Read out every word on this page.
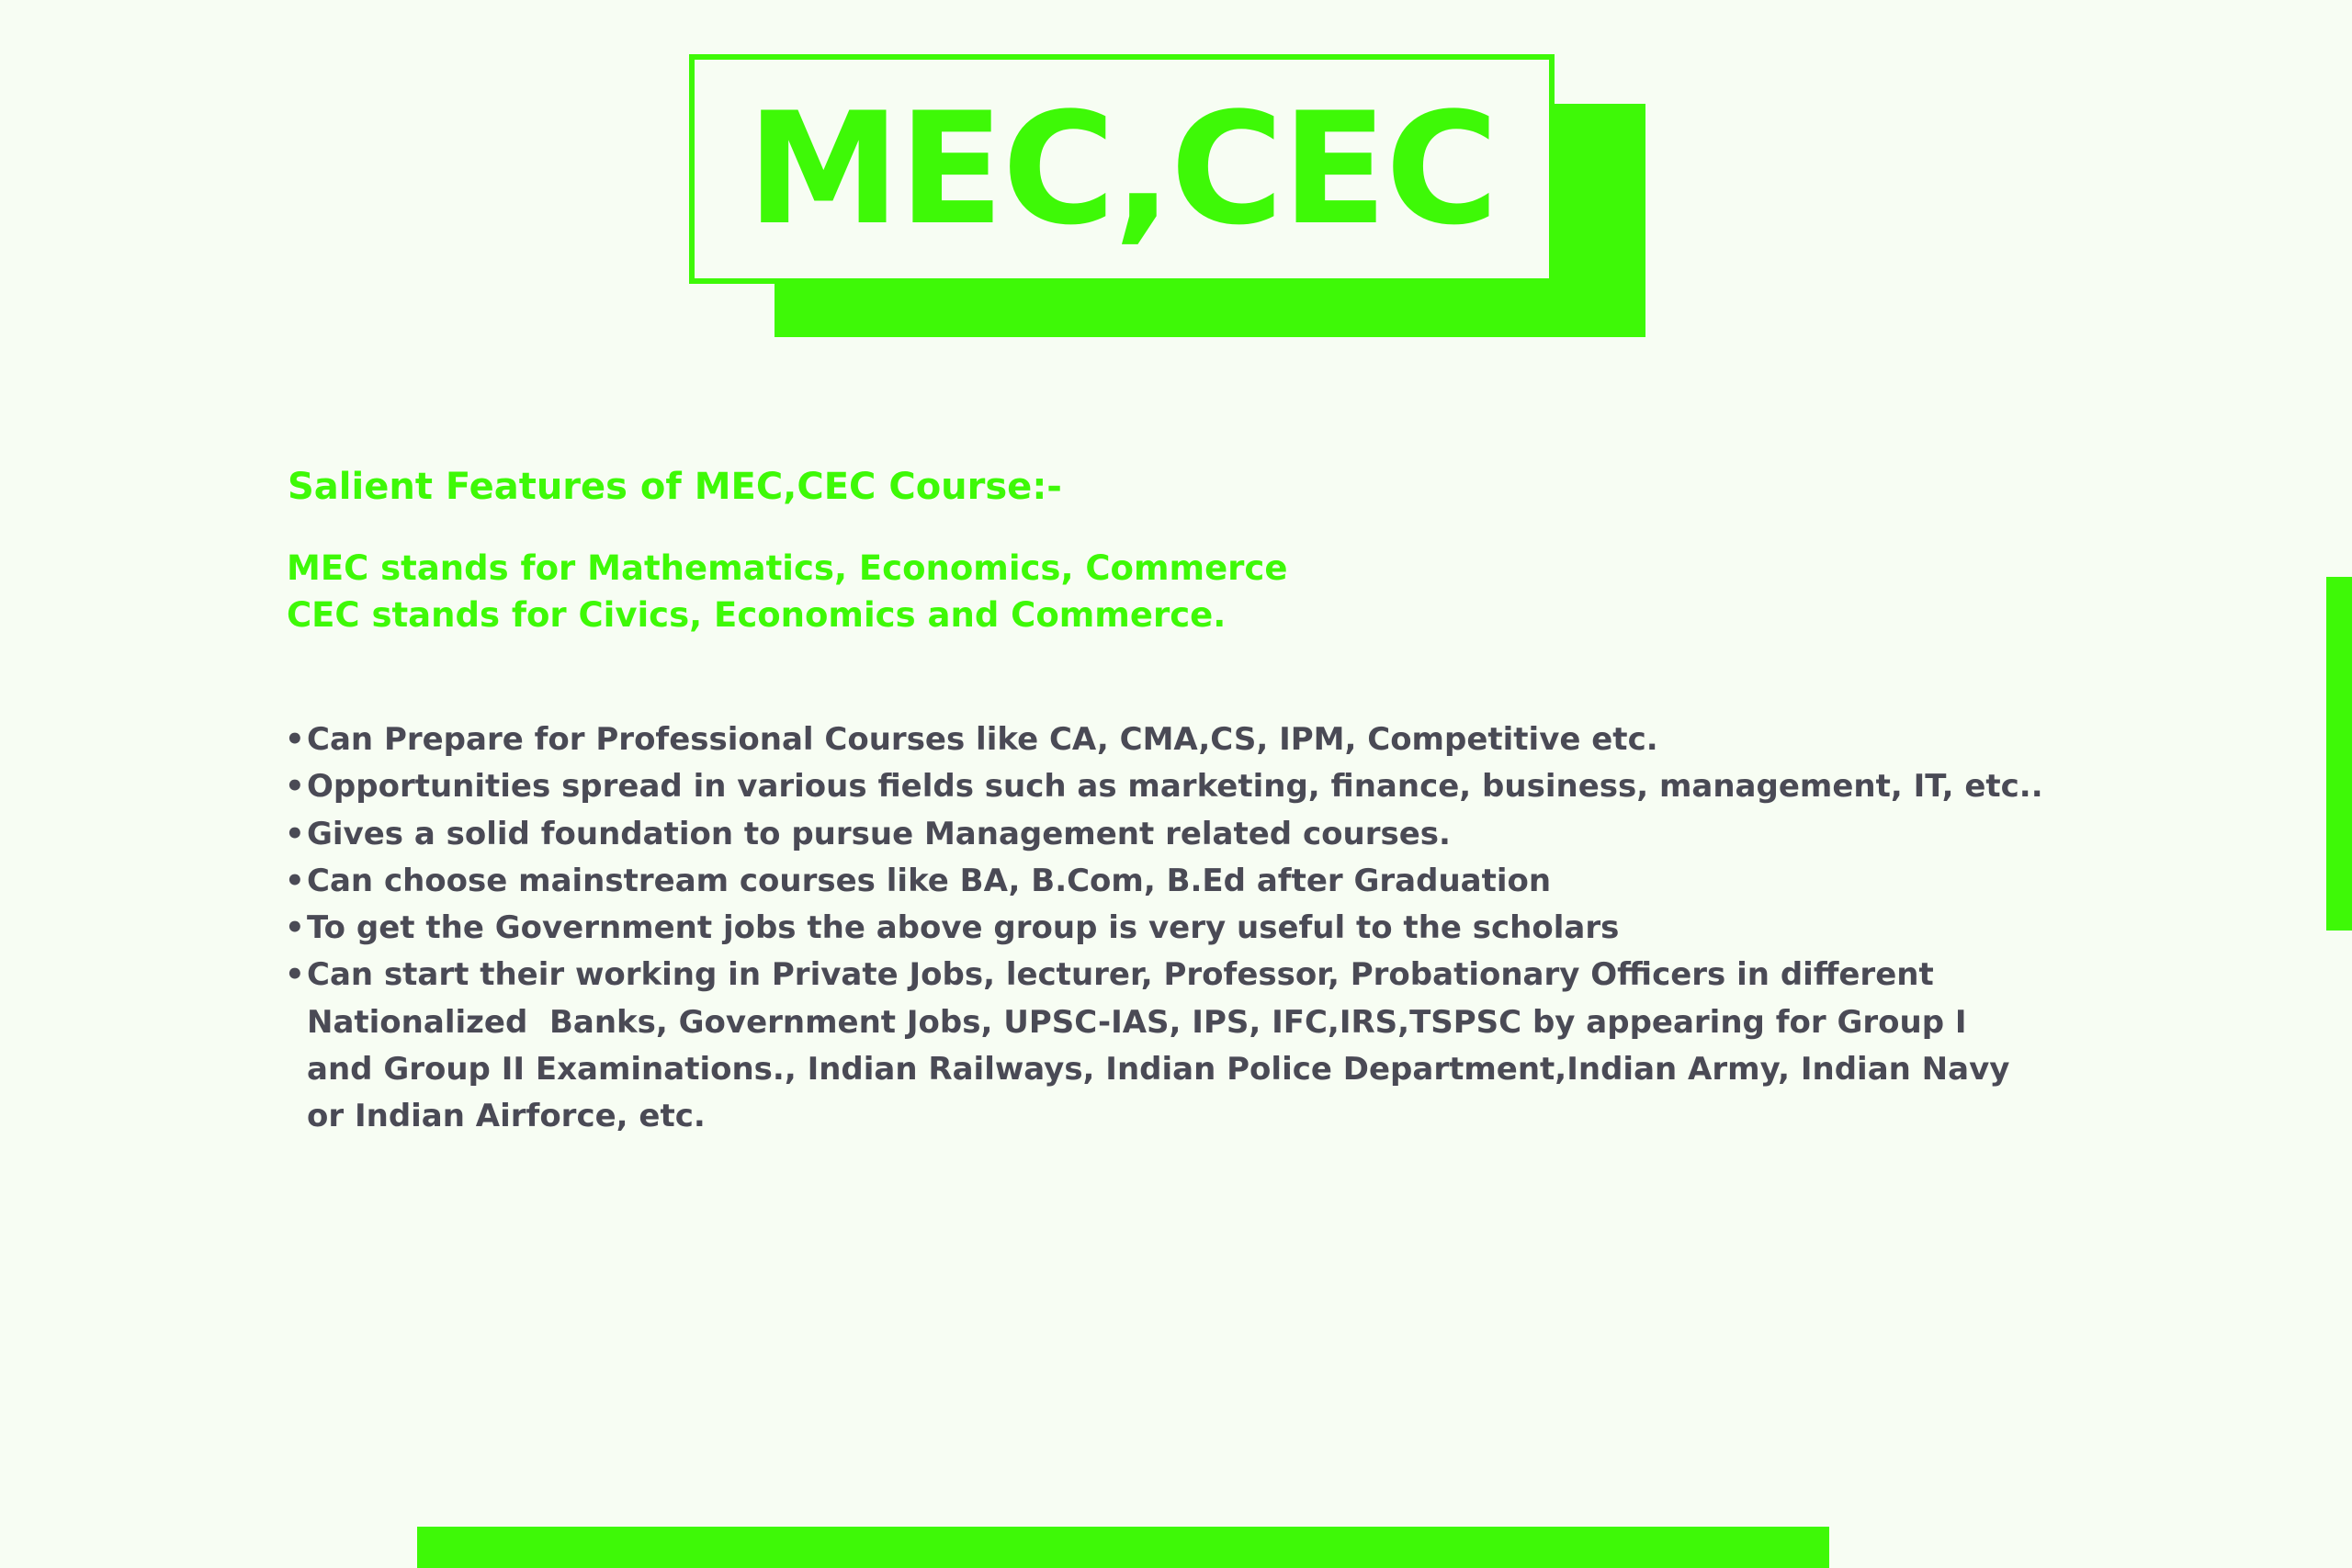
MEC,CEC
Salient Features of MEC,CEC Course:-
MEC stands for Mathematics, Economics, Commerce
CEC stands for Civics, Economics and Commerce.
• Can Prepare for Professional Courses like CA, CMA,CS, IPM, Competitive etc.
• Opportunities spread in various fields such as marketing, finance, business, management, IT, etc..
• Gives a solid foundation to pursue Management related courses.
• Can choose mainstream courses like BA, B.Com, B.Ed after Graduation
• To get the Government jobs the above group is very useful to the scholars
• Can start their working in Private Jobs, lecturer, Professor, Probationary Officers in different
Nationalized  Banks, Government Jobs, UPSC-IAS, IPS, IFC,IRS,TSPSC by appearing for Group I
and Group II Examinations., Indian Railways, Indian Police Department,Indian Army, Indian Navy
or Indian Airforce, etc.
